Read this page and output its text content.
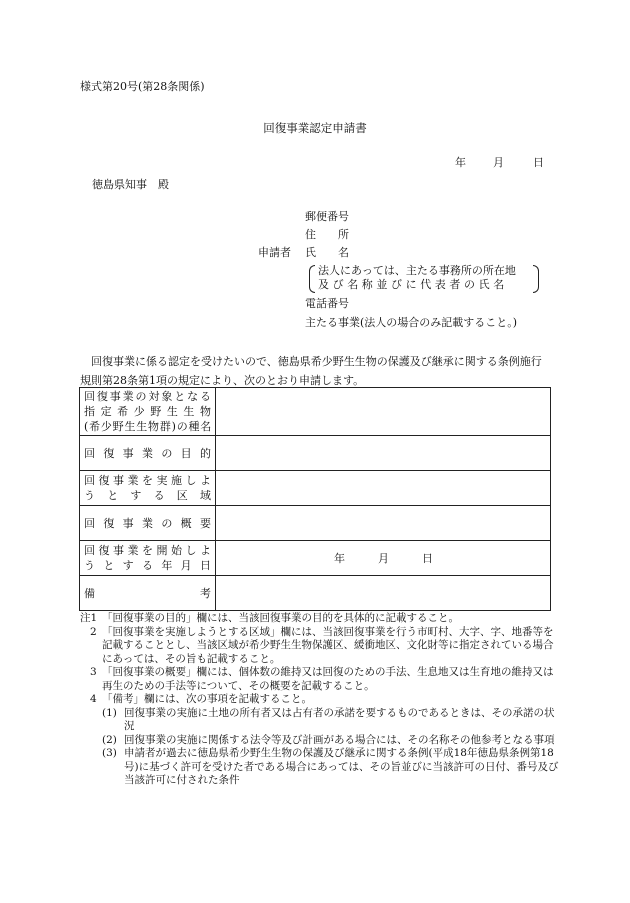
様式第20号(第28条関係)
回復事業認定申請書
年 月	日
徳島県知事　殿
申請者
郵便番号
住　　所
氏　　名
法人にあっては、主たる事務所の所在地
及び名称並びに代表者の氏名
電話番号
主たる事業(法人の場合のみ記載すること。)
回復事業に係る認定を受けたいので、徳島県希少野生生物の保護及び継承に関する条例施行規則第28条第1項の規定により、次のとおり申請します。
回復事業の対象となる
指定希少野生生物
(希少野生生物群)の種名	

回復事業の目的	

回復事業を実施しよ
うとする区域	

回復事業の概要	

回復事業を開始しよ
うとする年月日	年　　　月　　　日

備　　考	

注1 「回復事業の目的」欄には、当該回復事業の目的を具体的に記載すること。
2 「回復事業を実施しようとする区域」欄には、当該回復事業を行う市町村、大字、字、地番等を記載することとし、当該区域が希少野生生物保護区、緩衝地区、文化財等に指定されている場合にあっては、その旨も記載すること。
3 「回復事業の概要」欄には、個体数の維持又は回復のための手法、生息地又は生育地の維持又は再生のための手法等について、その概要を記載すること。
4 「備考」欄には、次の事項を記載すること。
(1) 回復事業の実施に土地の所有者又は占有者の承諾を要するものであるときは、その承諾の状況
(2) 回復事業の実施に関係する法令等及び計画がある場合には、その名称その他参考となる事項
(3) 申請者が過去に徳島県希少野生生物の保護及び継承に関する条例(平成18年徳島県条例第18号)に基づく許可を受けた者である場合にあっては、その旨並びに当該許可の日付、番号及び当該許可に付された条件
